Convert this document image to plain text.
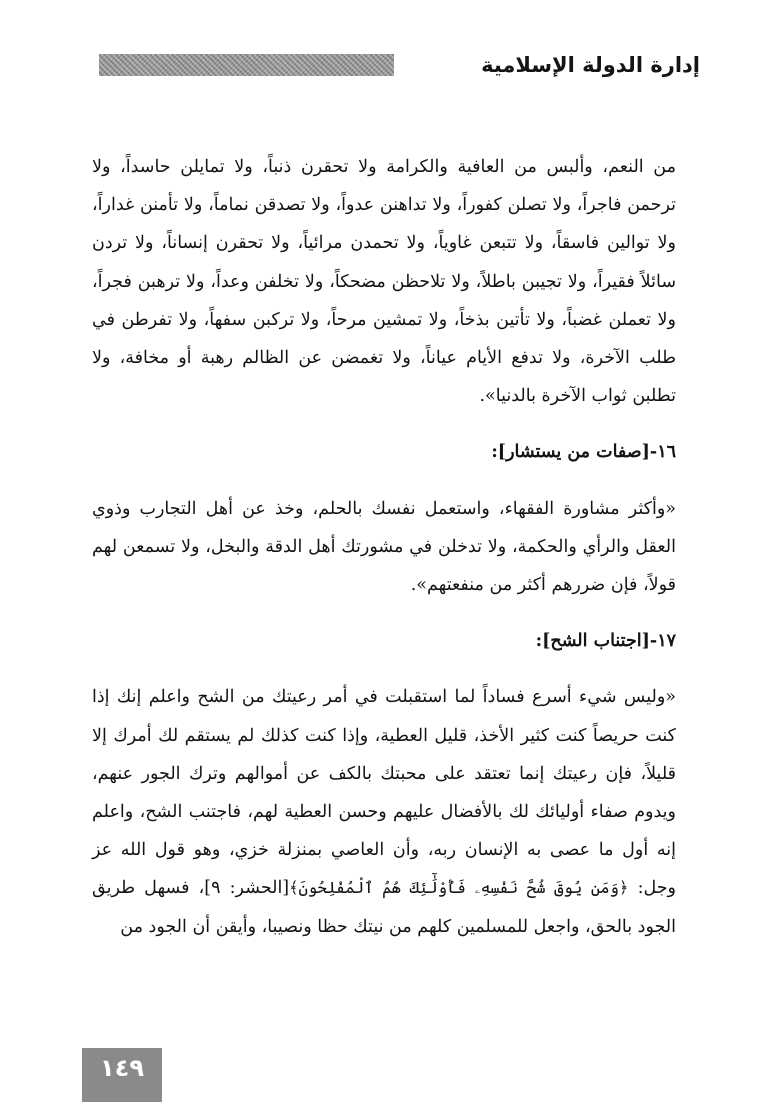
إدارة الدولة الإسلامية

من النعم، وألبس من العافية والكرامة ولا تحقرن ذنباً، ولا تمايلن حاسداً، ولا ترحمن فاجراً، ولا تصلن كفوراً، ولا تداهنن عدواً، ولا تصدقن نماماً، ولا تأمنن غداراً، ولا توالين فاسقاً، ولا تتبعن غاوياً، ولا تحمدن مرائياً، ولا تحقرن إنساناً، ولا تردن سائلاً فقيراً، ولا تجيبن باطلاً، ولا تلاحظن مضحكاً، ولا تخلفن وعداً، ولا ترهبن فجراً، ولا تعملن غضباً، ولا تأتين بذخاً، ولا تمشين مرحاً، ولا تركبن سفهاً، ولا تفرطن في طلب الآخرة، ولا تدفع الأيام عياناً، ولا تغمضن عن الظالم رهبة أو مخافة، ولا تطلبن ثواب الآخرة بالدنيا».

١٦-[صفات من يستشار]:

«وأكثر مشاورة الفقهاء، واستعمل نفسك بالحلم، وخذ عن أهل التجارب وذوي العقل والرأي والحكمة، ولا تدخلن في مشورتك أهل الدقة والبخل، ولا تسمعن لهم قولاً، فإن ضررهم أكثر من منفعتهم».

١٧-[اجتناب الشح]:

«وليس شيء أسرع فساداً لما استقبلت في أمر رعيتك من الشح واعلم إنك إذا كنت حريصاً كنت كثير الأخذ، قليل العطية، وإذا كنت كذلك لم يستقم لك أمرك إلا قليلاً، فإن رعيتك إنما تعتقد على محبتك بالكف عن أموالهم وترك الجور عنهم، ويدوم صفاء أوليائك لك بالأفضال عليهم وحسن العطية لهم، فاجتنب الشح، واعلم إنه أول ما عصى به الإنسان ربه، وأن العاصي بمنزلة خزي، وهو قول الله عز وجل: ﴿وَمَن يُوقَ شُحَّ نَفْسِهِۦ فَأُوْلَٰٓئِكَ هُمُ ٱلْمُفْلِحُونَ﴾[الحشر: ٩]، فسهل طريق الجود بالحق، واجعل للمسلمين كلهم من نيتك حظا ونصيبا، وأيقن أن الجود من

١٤٩
